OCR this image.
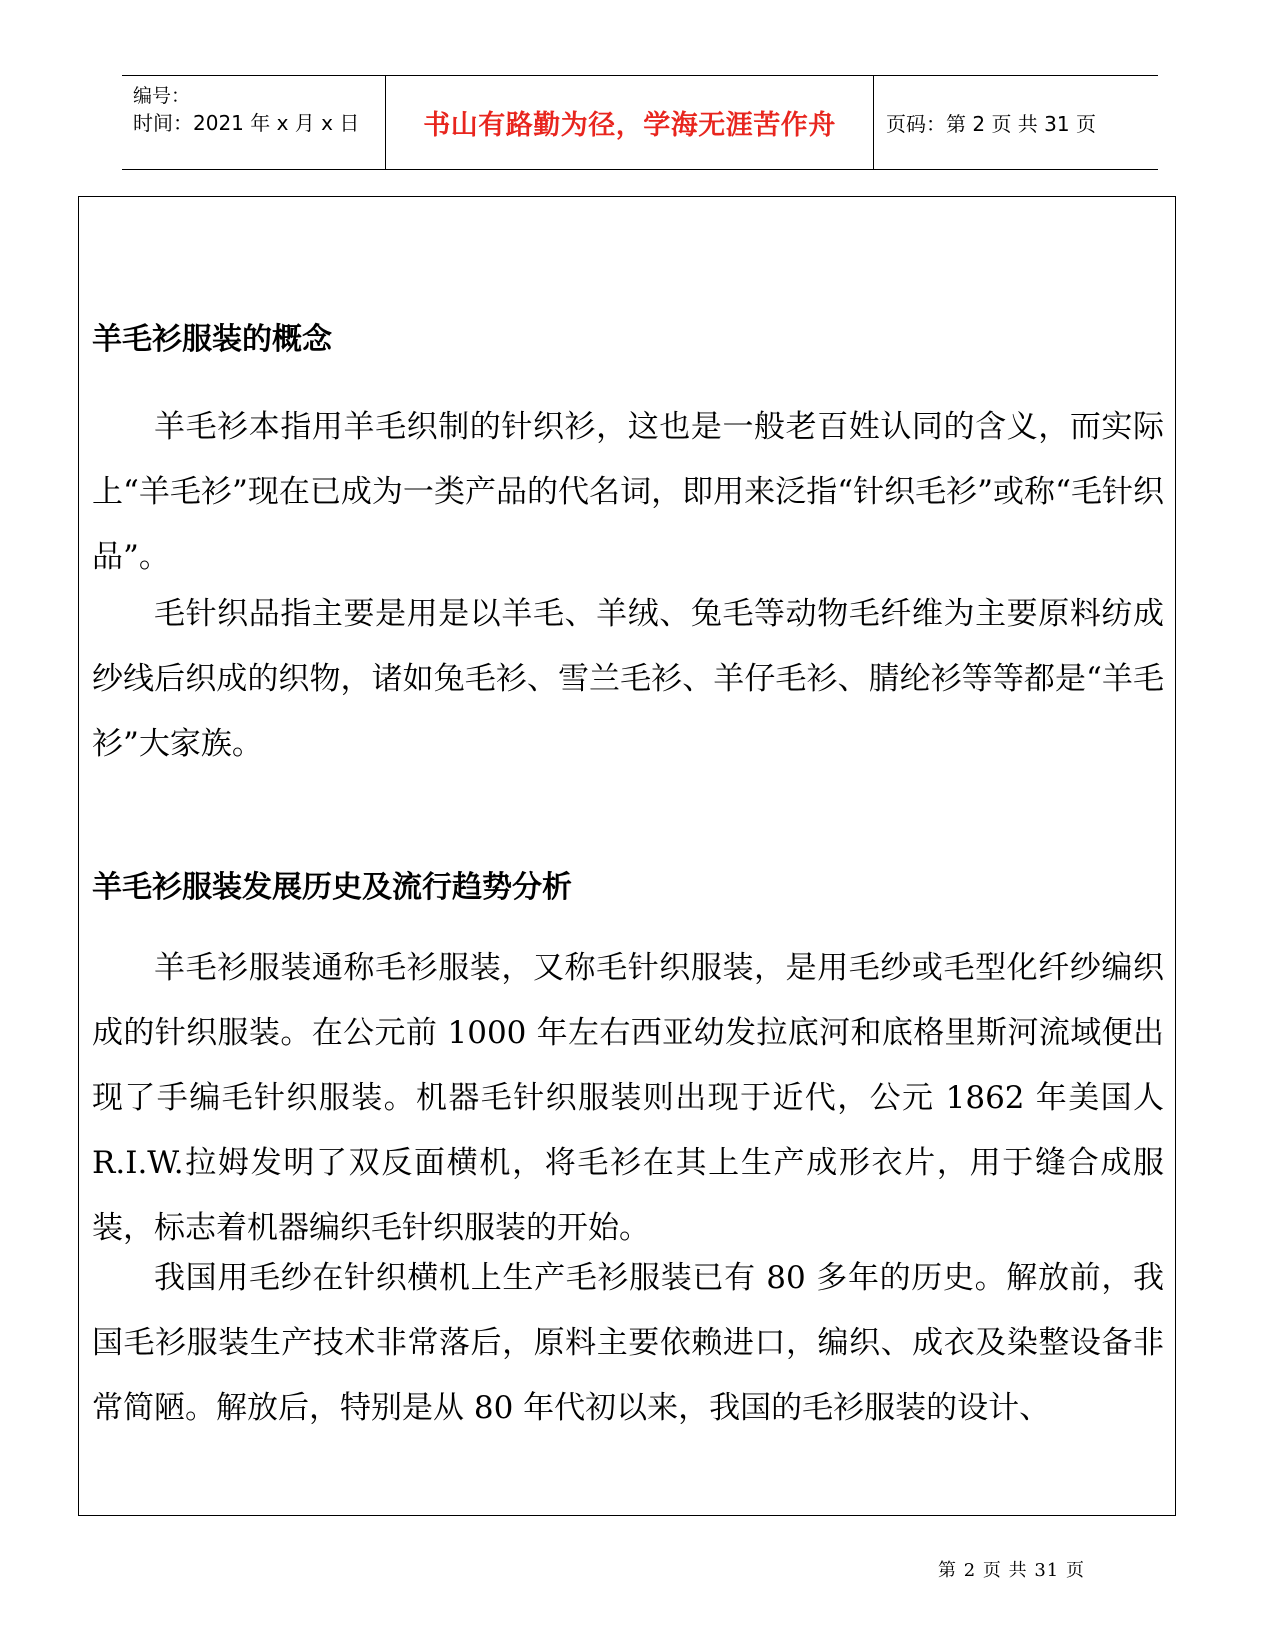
编号：
时间：2021 年 x 月 x 日 书山有路勤为径，学海无涯苦作舟	页码：第 2 页 共 31 页
羊毛衫服装的概念

羊毛衫本指用羊毛织制的针织衫，这也是一般老百姓认同的含义，而实际上“羊毛衫”现在已成为一类产品的代名词，即用来泛指“针织毛衫”或称“毛针织品”。

毛针织品指主要是用是以羊毛、羊绒、兔毛等动物毛纤维为主要原料纺成纱线后织成的织物，诸如兔毛衫、雪兰毛衫、羊仔毛衫、腈纶衫等等都是“羊毛衫”大家族。

羊毛衫服装发展历史及流行趋势分析

羊毛衫服装通称毛衫服装，又称毛针织服装，是用毛纱或毛型化纤纱编织成的针织服装。在公元前 1000 年左右西亚幼发拉底河和底格里斯河流域便出现了手编毛针织服装。机器毛针织服装则出现于近代，公元 1862 年美国人 R.I.W.拉姆发明了双反面横机，将毛衫在其上生产成形衣片，用于缝合成服装，标志着机器编织毛针织服装的开始。

我国用毛纱在针织横机上生产毛衫服装已有 80 多年的历史。解放前，我国毛衫服装生产技术非常落后，原料主要依赖进口，编织、成衣及染整设备非常简陋。解放后，特别是从 80 年代初以来，我国的毛衫服装的设计、

第 2 页 共 31 页
